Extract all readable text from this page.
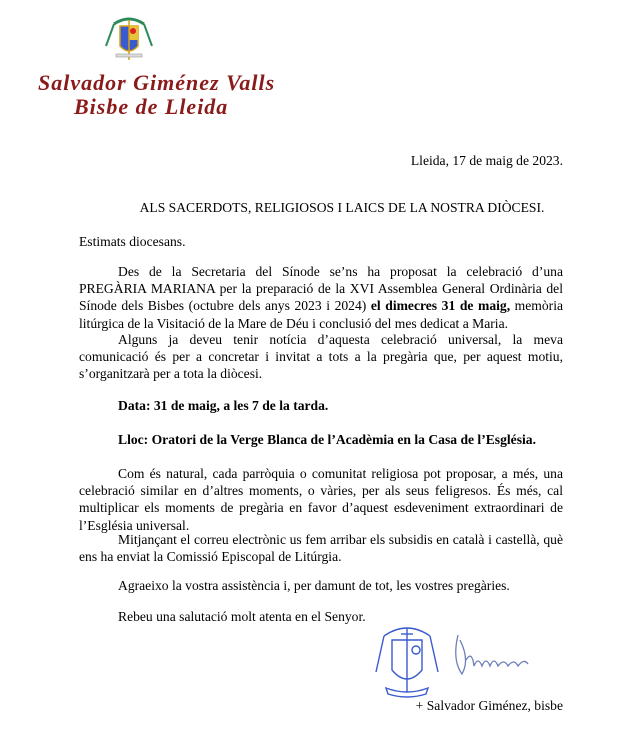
Salvador Giménez Valls
Bisbe de Lleida
Lleida, 17 de maig de 2023.
ALS SACERDOTS, RELIGIOSOS I LAICS DE LA NOSTRA DIÒCESI.
Estimats diocesans.
Des de la Secretaria del Sínode se’ns ha proposat la celebració d’una PREGÀRIA MARIANA per la preparació de la XVI Assemblea General Ordinària del Sínode dels Bisbes (octubre dels anys 2023 i 2024) el dimecres 31 de maig, memòria litúrgica de la Visitació de la Mare de Déu i conclusió del mes dedicat a Maria.
Alguns ja deveu tenir notícia d’aquesta celebració universal, la meva comunicació és per a concretar i invitat a tots a la pregària que, per aquest motiu, s’organitzarà per a tota la diòcesi.
Data: 31 de maig, a les 7 de la tarda.
Lloc: Oratori de la Verge Blanca de l’Acadèmia en la Casa de l’Església.
Com és natural, cada parròquia o comunitat religiosa pot proposar, a més, una celebració similar en d’altres moments, o vàries, per als seus feligresos. És més, cal multiplicar els moments de pregària en favor d’aquest esdeveniment extraordinari de l’Església universal.
Mitjançant el correu electrònic us fem arribar els subsidis en català i castellà, què ens ha enviat la Comissió Episcopal de Litúrgia.
Agraeixo la vostra assistència i, per damunt de tot, les vostres pregàries.
Rebeu una salutació molt atenta en el Senyor.
+ Salvador Giménez, bisbe
